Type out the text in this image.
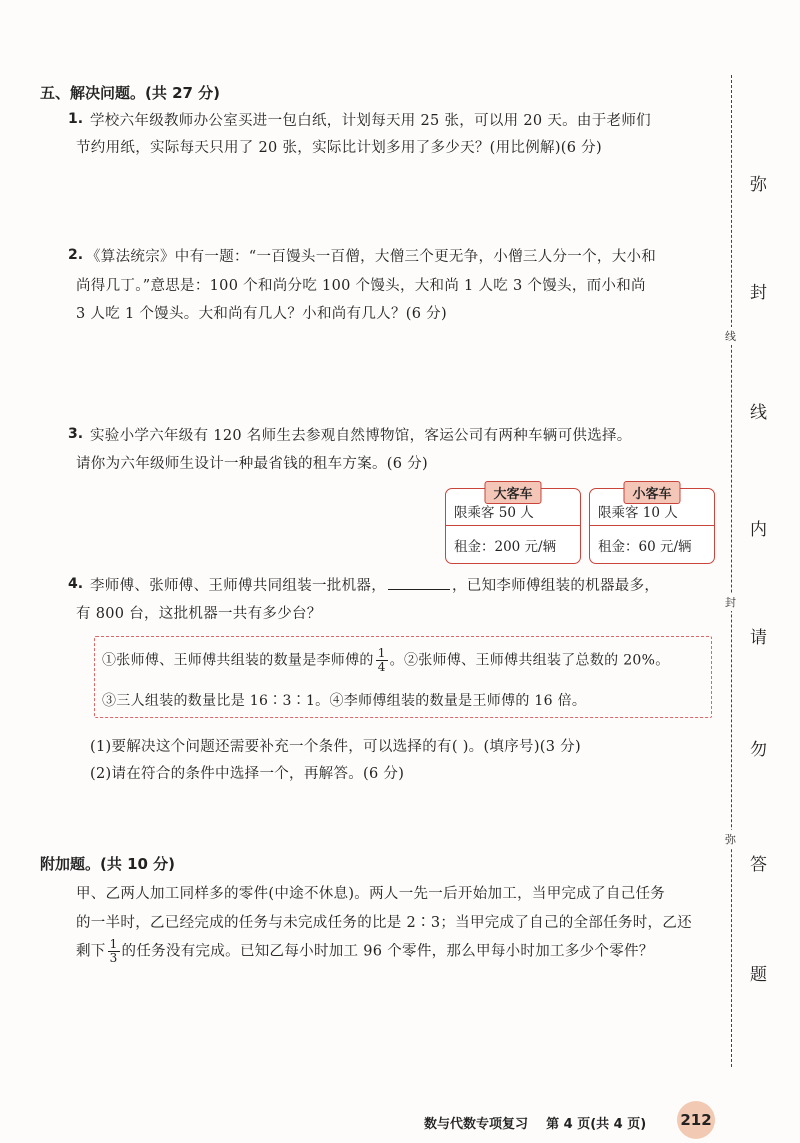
五、解决问题。(共 27 分)
1. 学校六年级教师办公室买进一包白纸，计划每天用 25 张，可以用 20 天。由于老师们
节约用纸，实际每天只用了 20 张，实际比计划多用了多少天？(用比例解)(6 分)
2. 《算法统宗》中有一题：“一百馒头一百僧，大僧三个更无争，小僧三人分一个，大小和
尚得几丁。”意思是：100 个和尚分吃 100 个馒头，大和尚 1 人吃 3 个馒头，而小和尚
3 人吃 1 个馒头。大和尚有几人？小和尚有几人？(6 分)
3. 实验小学六年级有 120 名师生去参观自然博物馆，客运公司有两种车辆可供选择。
请你为六年级师生设计一种最省钱的租车方案。(6 分)
大客车
限乘客 50 人
租金：200 元/辆
小客车
限乘客 10 人
租金：60 元/辆
4. 李师傅、张师傅、王师傅共同组装一批机器，	，已知李师傅组装的机器最多，
有 800 台，这批机器一共有多少台？
①张师傅、王师傅共组装的数量是李师傅的 $\frac{1}{4}$ 。②张师傅、王师傅共组装了总数的 20%。
③三人组装的数量比是 16∶3∶1。④李师傅组装的数量是王师傅的 16 倍。
(1)要解决这个问题还需要补充一个条件，可以选择的有( )。(填序号)(3 分)
(2)请在符合的条件中选择一个，再解答。(6 分)
附加题。(共 10 分)
甲、乙两人加工同样多的零件(中途不休息)。两人一先一后开始加工，当甲完成了自己任务
的一半时，乙已经完成的任务与未完成任务的比是 2∶3；当甲完成了自己的全部任务时，乙还
剩下 $\frac{1}{3}$ 的任务没有完成。已知乙每小时加工 96 个零件，那么甲每小时加工多少个零件？
弥
封
线
内
请
勿
答
题
线
封
弥
数与代数专项复习    第 4 页(共 4 页) 212
